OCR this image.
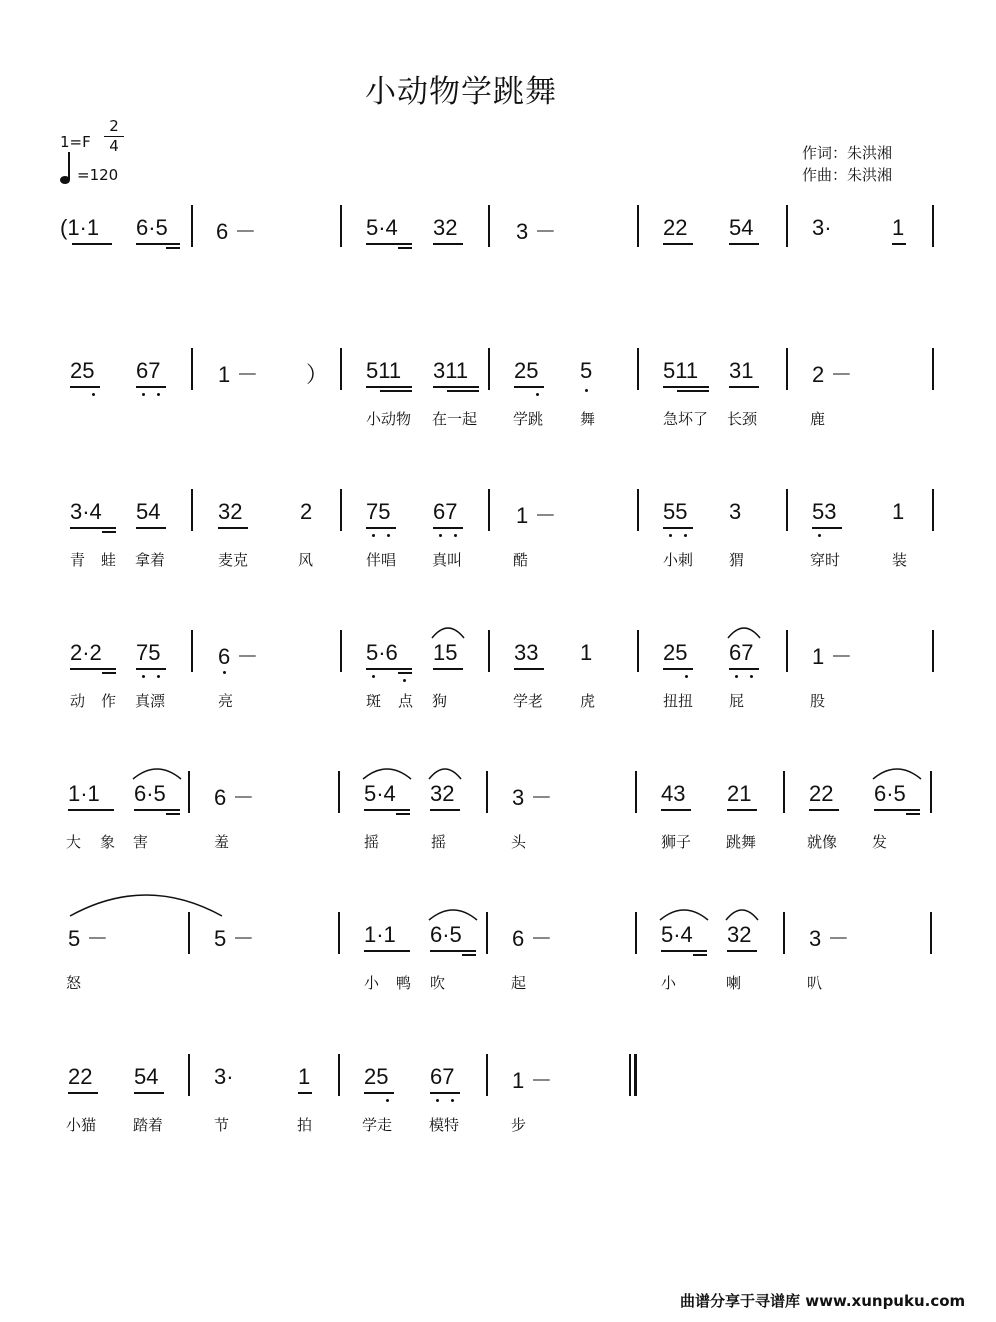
小动物学跳舞
$1=F \frac{2}{4}$
=120
作词：朱洪湘
作曲：朱洪湘
(1·1 6·5 6 －	5·4 32	3 －	22 54	3·	1
25 67	1 － ） 511 311 25 5	511 31	2 －
小动物 在一起 学跳 舞	急坏了 长颈	鹿
3·4 54	32	2 75 67	1 －	55 3	53	1
青 蛙 拿着	麦克	风	伴唱 真叫	酷	小刺 猬	穿时	装
2·2 75	6 －	5·6 15	33 1	25 67	1 －
动 作 真漂	亮	斑 点 狗	学老 虎	扭扭 屁	股
1·1 6·5 6 －	5·4 32	3 －	43 21	22 6·5
大 象 害	羞	摇	摇	头	狮子 跳舞	就像 发
5 －	5 －	1·1 6·5 6 －	5·4 32	3 －
怒	小 鸭 吹	起	小	喇	叭
22 54	3·	1 25 67	1 －
小猫 踏着	节	拍	学走 模特	步
曲谱分享于寻谱库 www.xunpuku.com
